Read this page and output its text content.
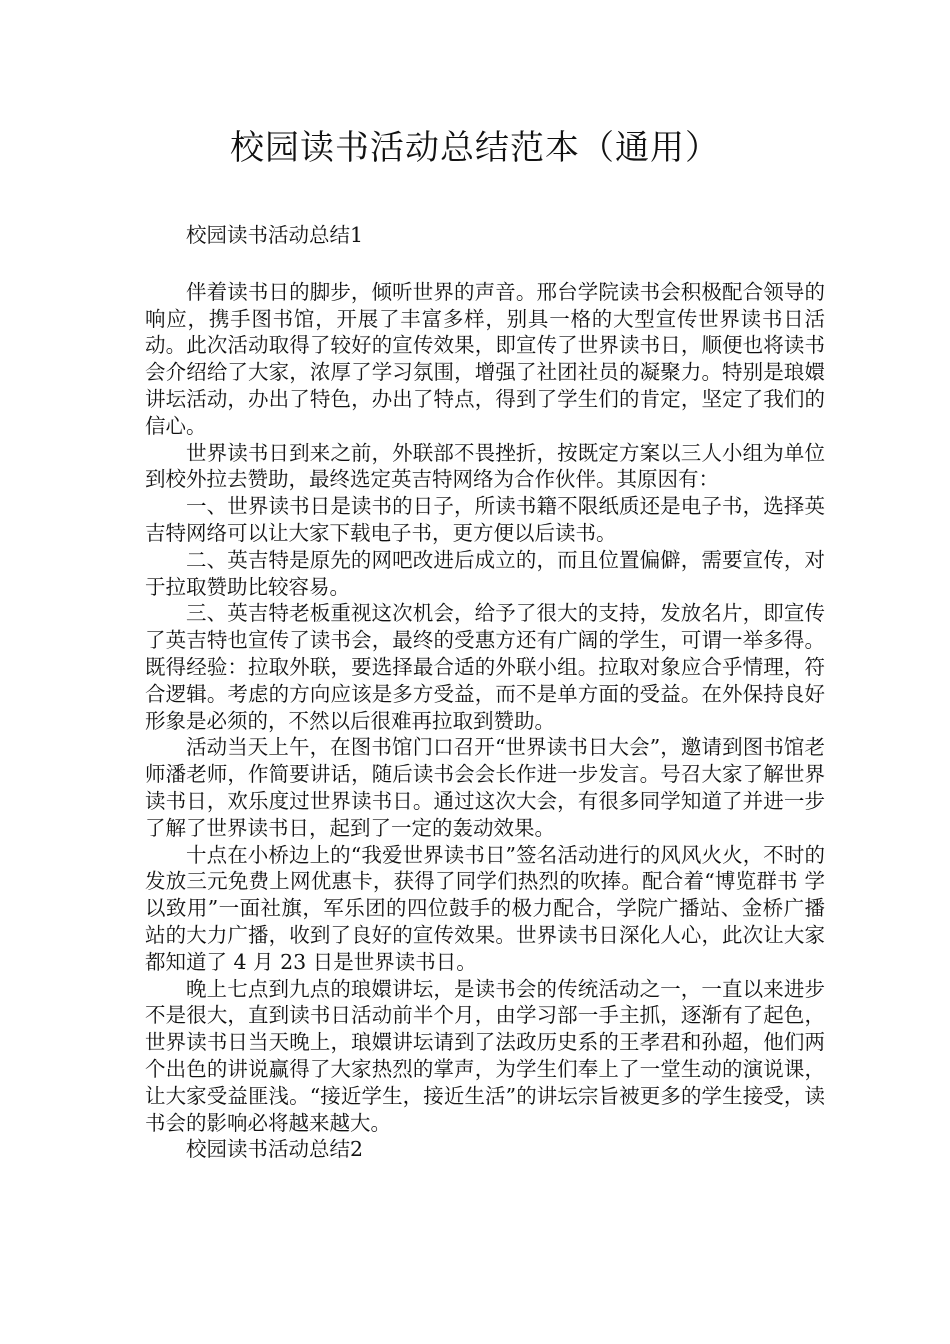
校园读书活动总结范本（通用）
校园读书活动总结1

伴着读书日的脚步，倾听世界的声音。邢台学院读书会积极配合领导的响应，携手图书馆，开展了丰富多样，别具一格的大型宣传世界读书日活动。此次活动取得了较好的宣传效果，即宣传了世界读书日，顺便也将读书会介绍给了大家，浓厚了学习氛围，增强了社团社员的凝聚力。特别是琅嬛讲坛活动，办出了特色，办出了特点，得到了学生们的肯定，坚定了我们的信心。

世界读书日到来之前，外联部不畏挫折，按既定方案以三人小组为单位到校外拉去赞助，最终选定英吉特网络为合作伙伴。其原因有：

一、世界读书日是读书的日子，所读书籍不限纸质还是电子书，选择英吉特网络可以让大家下载电子书，更方便以后读书。

二、英吉特是原先的网吧改进后成立的，而且位置偏僻，需要宣传，对于拉取赞助比较容易。

三、英吉特老板重视这次机会，给予了很大的支持，发放名片，即宣传了英吉特也宣传了读书会，最终的受惠方还有广阔的学生，可谓一举多得。既得经验：拉取外联，要选择最合适的外联小组。拉取对象应合乎情理，符合逻辑。考虑的方向应该是多方受益，而不是单方面的受益。在外保持良好形象是必须的，不然以后很难再拉取到赞助。

活动当天上午，在图书馆门口召开“世界读书日大会”，邀请到图书馆老师潘老师，作简要讲话，随后读书会会长作进一步发言。号召大家了解世界读书日，欢乐度过世界读书日。通过这次大会，有很多同学知道了并进一步了解了世界读书日，起到了一定的轰动效果。

十点在小桥边上的“我爱世界读书日”签名活动进行的风风火火，不时的发放三元免费上网优惠卡，获得了同学们热烈的吹捧。配合着“博览群书 学以致用”一面社旗，军乐团的四位鼓手的极力配合，学院广播站、金桥广播站的大力广播，收到了良好的宣传效果。世界读书日深化人心，此次让大家都知道了 4 月 23 日是世界读书日。

晚上七点到九点的琅嬛讲坛，是读书会的传统活动之一，一直以来进步不是很大，直到读书日活动前半个月，由学习部一手主抓，逐渐有了起色，世界读书日当天晚上，琅嬛讲坛请到了法政历史系的王孝君和孙超，他们两个出色的讲说赢得了大家热烈的掌声，为学生们奉上了一堂生动的演说课，让大家受益匪浅。“接近学生，接近生活”的讲坛宗旨被更多的学生接受，读书会的影响必将越来越大。

校园读书活动总结2
